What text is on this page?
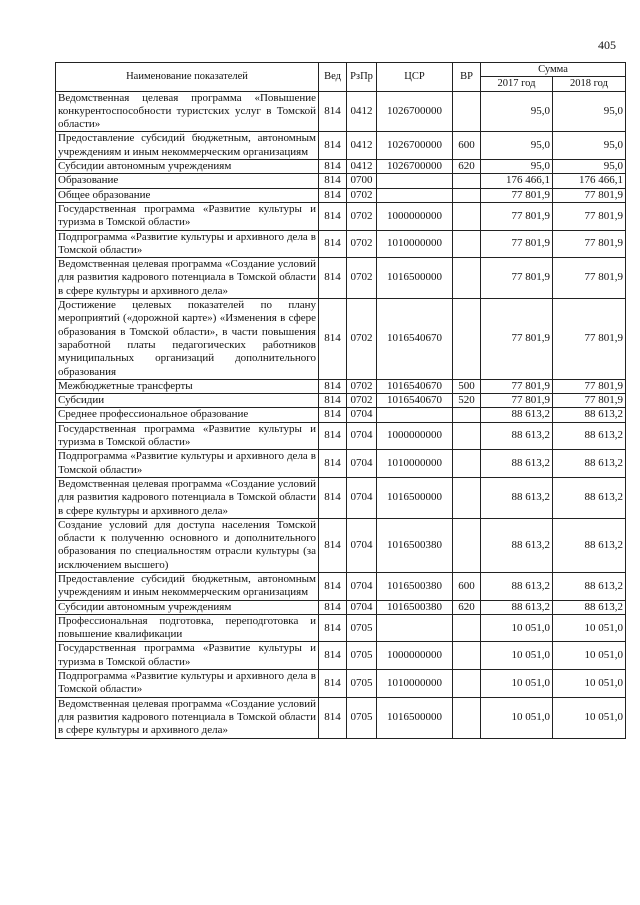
405
Наименование показателей	Вед	РзПр	ЦСР	ВР	Сумма	
					2017 год	2018 год
Ведомственная целевая программа «Повышение конкурентоспособности туристских услуг в Томской области»	814	0412	1026700000		95,0	95,0
Предоставление субсидий бюджетным, автономным учреждениям и иным некоммерческим организациям	814	0412	1026700000	600	95,0	95,0
Субсидии автономным учреждениям	814	0412	1026700000	620	95,0	95,0
Образование	814	0700			176 466,1	176 466,1
Общее образование	814	0702			77 801,9	77 801,9
Государственная программа «Развитие культуры и туризма в Томской области»	814	0702	1000000000		77 801,9	77 801,9
Подпрограмма «Развитие культуры и архивного дела в Томской области»	814	0702	1010000000		77 801,9	77 801,9
Ведомственная целевая программа «Создание условий для развития кадрового потенциала в Томской области в сфере культуры и архивного дела»	814	0702	1016500000		77 801,9	77 801,9
Достижение целевых показателей по плану мероприятий («дорожной карте») «Изменения в сфере образования в Томской области», в части повышения заработной платы педагогических работников муниципальных организаций дополнительного образования	814	0702	1016540670		77 801,9	77 801,9
Межбюджетные трансферты	814	0702	1016540670	500	77 801,9	77 801,9
Субсидии	814	0702	1016540670	520	77 801,9	77 801,9
Среднее профессиональное образование	814	0704			88 613,2	88 613,2
Государственная программа «Развитие культуры и туризма в Томской области»	814	0704	1000000000		88 613,2	88 613,2
Подпрограмма «Развитие культуры и архивного дела в Томской области»	814	0704	1010000000		88 613,2	88 613,2
Ведомственная целевая программа «Создание условий для развития кадрового потенциала в Томской области в сфере культуры и архивного дела»	814	0704	1016500000		88 613,2	88 613,2
Создание условий для доступа населения Томской области к полученню основного и дополнительного образования по специальностям отрасли культуры (за исключением высшего)	814	0704	1016500380		88 613,2	88 613,2
Предоставление субсидий бюджетным, автономным учреждениям и иным некоммерческим организациям	814	0704	1016500380	600	88 613,2	88 613,2
Субсидии автономным учреждениям	814	0704	1016500380	620	88 613,2	88 613,2
Профессиональная подготовка, переподготовка и повышение квалификации	814	0705			10 051,0	10 051,0
Государственная программа «Развитие культуры и туризма в Томской области»	814	0705	1000000000		10 051,0	10 051,0
Подпрограмма «Развитие культуры и архивного дела в Томской области»	814	0705	1010000000		10 051,0	10 051,0
Ведомственная целевая программа «Создание условий для развития кадрового потенциала в Томской области в сфере культуры и архивного дела»	814	0705	1016500000		10 051,0	10 051,0
